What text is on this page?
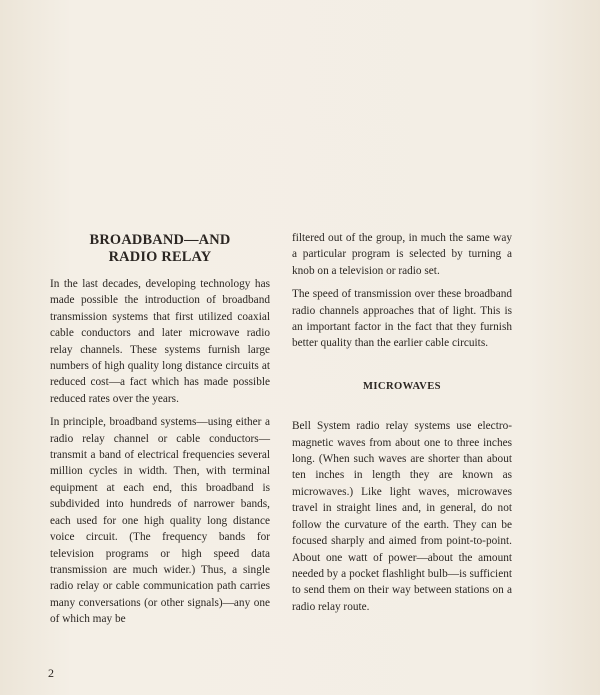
BROADBAND—AND
RADIO RELAY

In the last decades, developing technology has made possible the introduction of broadband transmission systems that first utilized coaxial cable conductors and later microwave radio relay channels. These systems furnish large numbers of high quality long distance circuits at reduced cost—a fact which has made possible reduced rates over the years.

In principle, broadband systems—using either a radio relay channel or cable conductors—transmit a band of electrical frequencies several million cycles in width. Then, with terminal equipment at each end, this broadband is subdivided into hundreds of narrower bands, each used for one high quality long distance voice circuit. (The frequency bands for television programs or high speed data transmission are much wider.) Thus, a single radio relay or cable communication path carries many conversations (or other signals)—any one of which may be

filtered out of the group, in much the same way a particular program is selected by turning a knob on a television or radio set.

The speed of transmission over these broadband radio channels approaches that of light. This is an important factor in the fact that they furnish better quality than the earlier cable circuits.

MICROWAVES

Bell System radio relay systems use electro-magnetic waves from about one to three inches long. (When such waves are shorter than about ten inches in length they are known as microwaves.) Like light waves, microwaves travel in straight lines and, in general, do not follow the curvature of the earth. They can be focused sharply and aimed from point-to-point. About one watt of power—about the amount needed by a pocket flashlight bulb—is sufficient to send them on their way between stations on a radio relay route.

2
